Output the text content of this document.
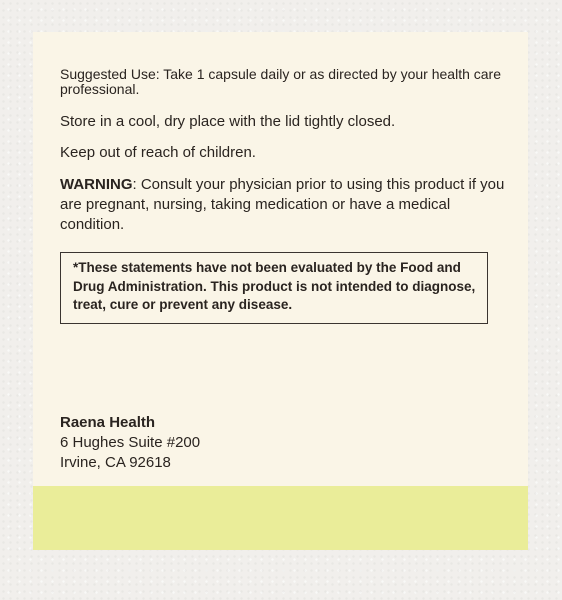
Suggested Use: Take 1 capsule daily or as directed by your health care professional.

Store in a cool, dry place with the lid tightly closed.

Keep out of reach of children.

WARNING: Consult your physician prior to using this product if you are pregnant, nursing, taking medication or have a medical condition.

*These statements have not been evaluated by the Food and Drug Administration. This product is not intended to diagnose, treat, cure or prevent any disease.
Raena Health
6 Hughes Suite #200
Irvine, CA 92618
